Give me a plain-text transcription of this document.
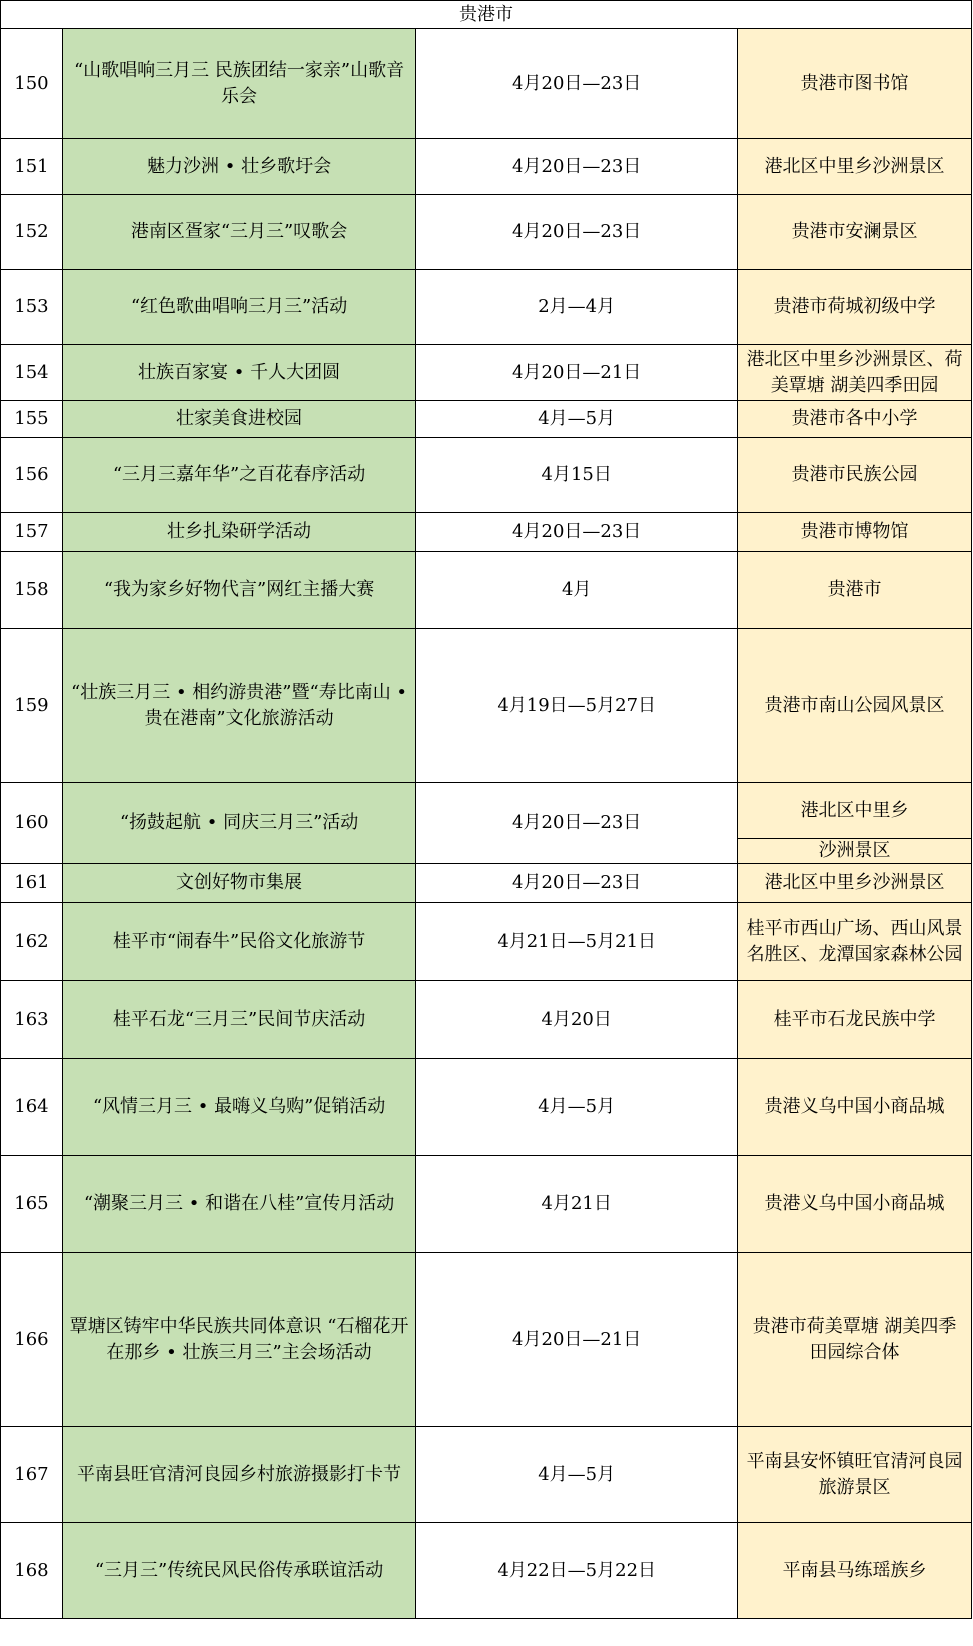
贵港市			
150	“山歌唱响三月三 民族团结一家亲”山歌音乐会	4月20日—23日	贵港市图书馆
151	魅力沙洲 • 壮乡歌圩会	4月20日—23日	港北区中里乡沙洲景区
152	港南区疍家“三月三”叹歌会	4月20日—23日	贵港市安澜景区
153	“红色歌曲唱响三月三”活动	2月—4月	贵港市荷城初级中学
154	壮族百家宴 • 千人大团圆	4月20日—21日	港北区中里乡沙洲景区、荷美覃塘 湖美四季田园

155	壮家美食进校园	4月—5月	贵港市各中小学
156	“三月三嘉年华”之百花春序活动	4月15日	贵港市民族公园
157	壮乡扎染研学活动	4月20日—23日	贵港市博物馆
158	“我为家乡好物代言”网红主播大赛	4月	贵港市
159	“壮族三月三 • 相约游贵港”暨“寿比南山 • 贵在港南”文化旅游活动	4月19日—5月27日	贵港市南山公园风景区
160	“扬鼓起航 • 同庆三月三”活动	4月20日—23日	港北区中里乡
沙洲景区

161	文创好物市集展	4月20日—23日	港北区中里乡沙洲景区
162	桂平市“闹春牛”民俗文化旅游节	4月21日—5月21日	桂平市西山广场、西山风景名胜区、龙潭国家森林公园
163	桂平石龙“三月三”民间节庆活动	4月20日	桂平市石龙民族中学
164	“风情三月三 • 最嗨义乌购”促销活动	4月—5月	贵港义乌中国小商品城
165	“潮聚三月三 • 和谐在八桂”宣传月活动	4月21日	贵港义乌中国小商品城
166	覃塘区铸牢中华民族共同体意识 “石榴花开在那乡 • 壮族三月三”主会场活动	4月20日—21日	贵港市荷美覃塘 湖美四季田园综合体
167	平南县旺官清河良园乡村旅游摄影打卡节	4月—5月	平南县安怀镇旺官清河良园旅游景区
168	“三月三”传统民风民俗传承联谊活动	4月22日—5月22日	平南县马练瑶族乡
